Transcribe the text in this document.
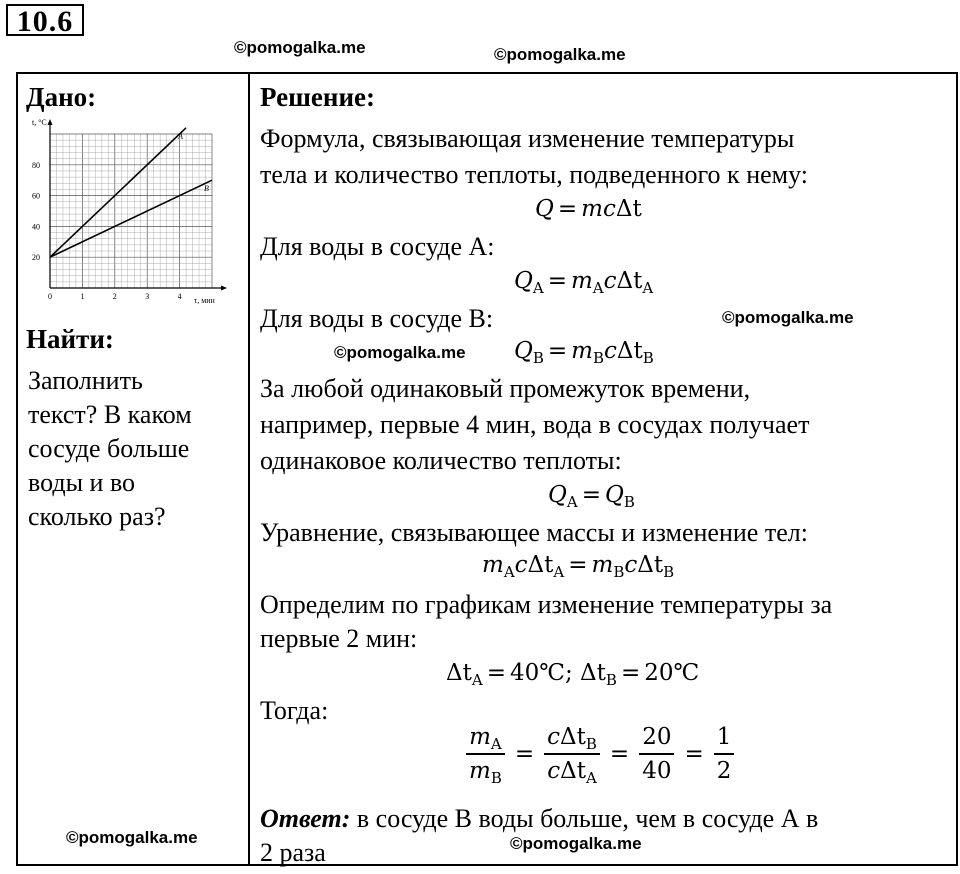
10.6
©pomogalka.me	©pomogalka.me
©pomogalka.me
©pomogalka.me
©pomogalka.me	©pomogalka.me
Дано:
0	1	2	3	4
20
40
60
80
A
B
t, °C
τ, мин
Найти:
Заполнить
текст? В каком
сосуде больше
воды и во
сколько раз?
Решение:
Формула, связывающая изменение температуры
тела и количество теплоты, подведенного к нему:
Q = mcΔt
Для воды в сосуде А:
$Q_A = m_Ac\Delta t_A$
Для воды в сосуде В:
$Q_B = m_Bc\Delta t_B$
За любой одинаковый промежуток времени,
например, первые 4 мин, вода в сосудах получает
одинаковое количество теплоты:
$Q_A = Q_B$
Уравнение, связывающее массы и изменение тел:
$m_Ac\Delta t_A = m_Bc\Delta t_B$
Определим по графикам изменение температуры за
первые 2 мин:
$\Delta t_A$ = 40℃; $\Delta t_B$ = 20℃
Тогда:
$\frac{m_A}{m_B} = \frac{c\Delta t_B}{c\Delta t_A} = \frac{20}{40} = \frac{1}{2}$
Ответ: в сосуде В воды больше, чем в сосуде А в
2 раза
